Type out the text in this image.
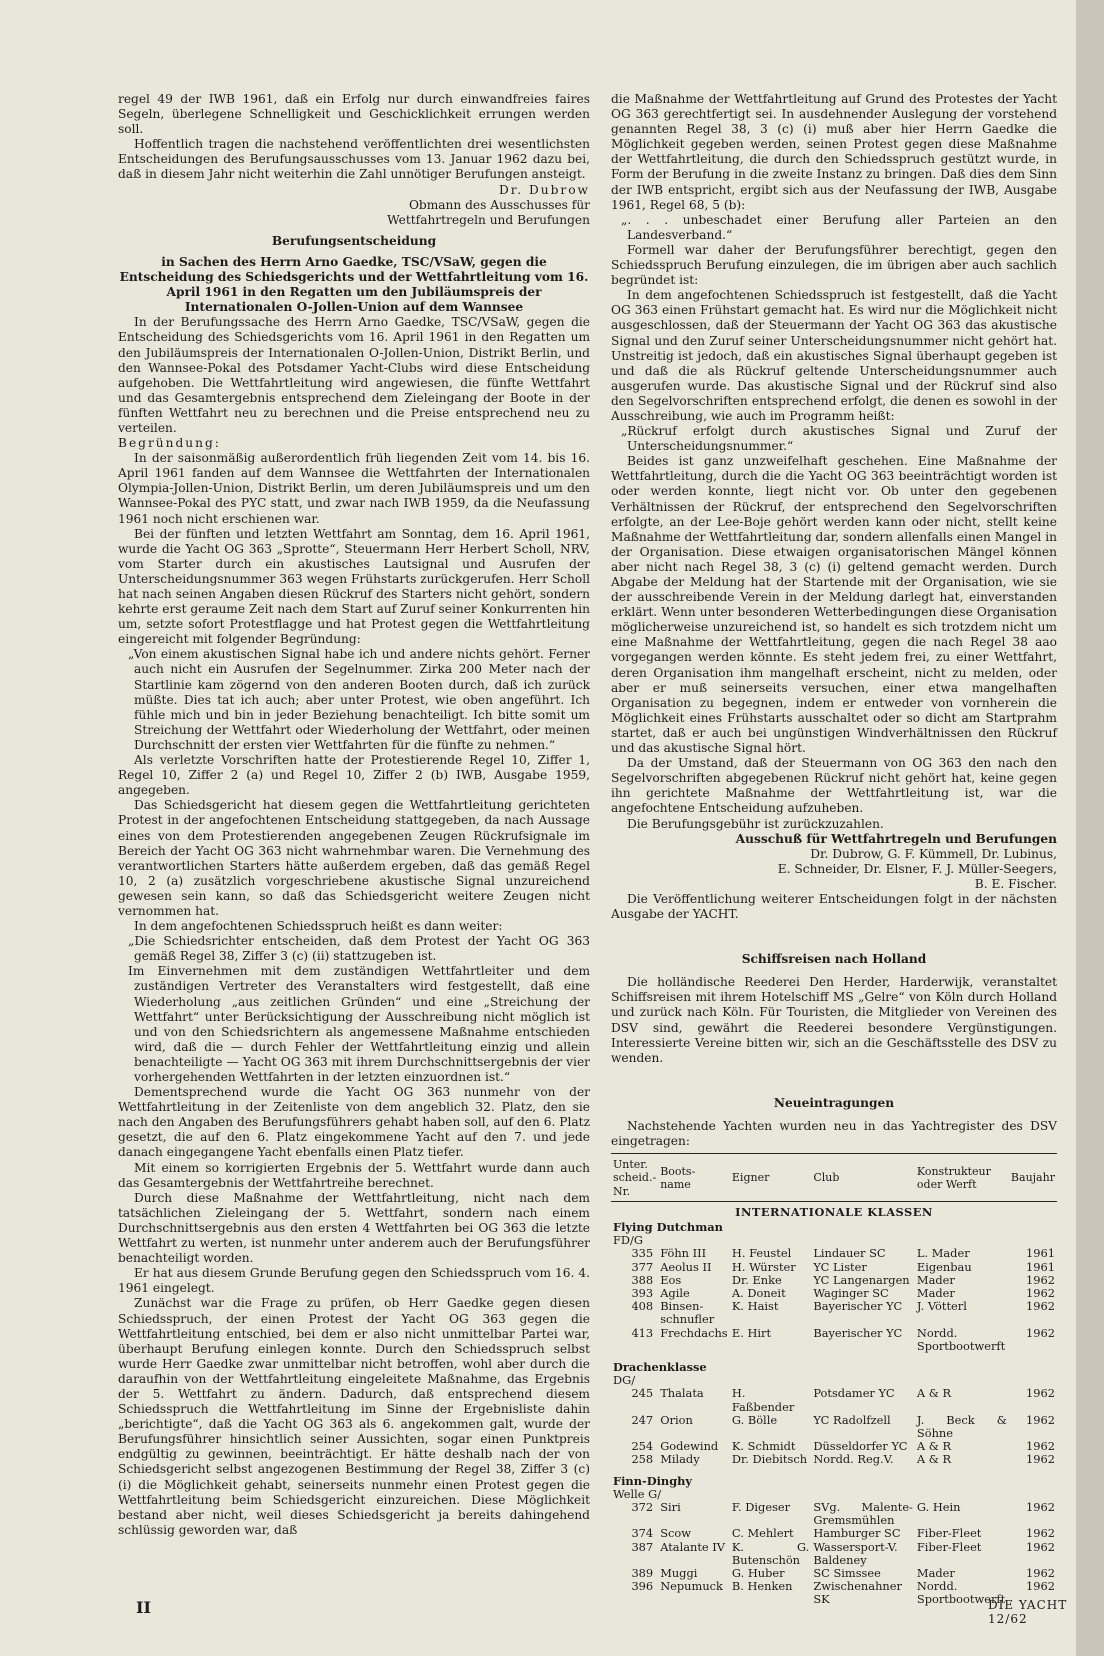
regel 49 der IWB 1961, daß ein Erfolg nur durch einwandfreies faires Segeln, überlegene Schnelligkeit und Geschicklichkeit errungen werden soll.

Hoffentlich tragen die nachstehend veröffentlichten drei wesentlichsten Entscheidungen des Berufungsausschusses vom 13. Januar 1962 dazu bei, daß in diesem Jahr nicht weiterhin die Zahl unnötiger Berufungen ansteigt.

Dr. Dubrow

Obmann des Ausschusses für

Wettfahrtregeln und Berufungen

Berufungsentscheidung

in Sachen des Herrn Arno Gaedke, TSC/VSaW, gegen die Entscheidung des Schiedsgerichts und der Wettfahrtleitung vom 16. April 1961 in den Regatten um den Jubiläumspreis der Internationalen O-Jollen-Union auf dem Wannsee

In der Berufungssache des Herrn Arno Gaedke, TSC/VSaW, gegen die Entscheidung des Schiedsgerichts vom 16. April 1961 in den Regatten um den Jubiläumspreis der Internationalen O-Jollen-Union, Distrikt Berlin, und den Wannsee-Pokal des Potsdamer Yacht-Clubs wird diese Entscheidung aufgehoben. Die Wettfahrtleitung wird angewiesen, die fünfte Wettfahrt und das Gesamtergebnis entsprechend dem Zieleingang der Boote in der fünften Wettfahrt neu zu berechnen und die Preise entsprechend neu zu verteilen.

Begründung:

In der saisonmäßig außerordentlich früh liegenden Zeit vom 14. bis 16. April 1961 fanden auf dem Wannsee die Wettfahrten der Internationalen Olympia-Jollen-Union, Distrikt Berlin, um deren Jubiläumspreis und um den Wannsee-Pokal des PYC statt, und zwar nach IWB 1959, da die Neufassung 1961 noch nicht erschienen war.

Bei der fünften und letzten Wettfahrt am Sonntag, dem 16. April 1961, wurde die Yacht OG 363 „Sprotte“, Steuermann Herr Herbert Scholl, NRV, vom Starter durch ein akustisches Lautsignal und Ausrufen der Unterscheidungsnummer 363 wegen Frühstarts zurückgerufen. Herr Scholl hat nach seinen Angaben diesen Rückruf des Starters nicht gehört, sondern kehrte erst geraume Zeit nach dem Start auf Zuruf seiner Konkurrenten hin um, setzte sofort Protestflagge und hat Protest gegen die Wettfahrtleitung eingereicht mit folgender Begründung:

„Von einem akustischen Signal habe ich und andere nichts gehört. Ferner auch nicht ein Ausrufen der Segelnummer. Zirka 200 Meter nach der Startlinie kam zögernd von den anderen Booten durch, daß ich zurück müßte. Dies tat ich auch; aber unter Protest, wie oben angeführt. Ich fühle mich und bin in jeder Beziehung benachteiligt. Ich bitte somit um Streichung der Wettfahrt oder Wiederholung der Wettfahrt, oder meinen Durchschnitt der ersten vier Wettfahrten für die fünfte zu nehmen.“

Als verletzte Vorschriften hatte der Protestierende Regel 10, Ziffer 1, Regel 10, Ziffer 2 (a) und Regel 10, Ziffer 2 (b) IWB, Ausgabe 1959, angegeben.

Das Schiedsgericht hat diesem gegen die Wettfahrtleitung gerichteten Protest in der angefochtenen Entscheidung stattgegeben, da nach Aussage eines von dem Protestierenden angegebenen Zeugen Rückrufsignale im Bereich der Yacht OG 363 nicht wahrnehmbar waren. Die Vernehmung des verantwortlichen Starters hätte außerdem ergeben, daß das gemäß Regel 10, 2 (a) zusätzlich vorgeschriebene akustische Signal unzureichend gewesen sein kann, so daß das Schiedsgericht weitere Zeugen nicht vernommen hat.

In dem angefochtenen Schiedsspruch heißt es dann weiter:

„Die Schiedsrichter entscheiden, daß dem Protest der Yacht OG 363 gemäß Regel 38, Ziffer 3 (c) (ii) stattzugeben ist.

Im Einvernehmen mit dem zuständigen Wettfahrtleiter und dem zuständigen Vertreter des Veranstalters wird festgestellt, daß eine Wiederholung „aus zeitlichen Gründen“ und eine „Streichung der Wettfahrt“ unter Berücksichtigung der Ausschreibung nicht möglich ist und von den Schiedsrichtern als angemessene Maßnahme entschieden wird, daß die — durch Fehler der Wettfahrtleitung einzig und allein benachteiligte — Yacht OG 363 mit ihrem Durchschnittsergebnis der vier vorhergehenden Wettfahrten in der letzten einzuordnen ist.“

Dementsprechend wurde die Yacht OG 363 nunmehr von der Wettfahrtleitung in der Zeitenliste von dem angeblich 32. Platz, den sie nach den Angaben des Berufungsführers gehabt haben soll, auf den 6. Platz gesetzt, die auf den 6. Platz eingekommene Yacht auf den 7. und jede danach eingegangene Yacht ebenfalls einen Platz tiefer.

Mit einem so korrigierten Ergebnis der 5. Wettfahrt wurde dann auch das Gesamtergebnis der Wettfahrtreihe berechnet.

Durch diese Maßnahme der Wettfahrtleitung, nicht nach dem tatsächlichen Zieleingang der 5. Wettfahrt, sondern nach einem Durchschnittsergebnis aus den ersten 4 Wettfahrten bei OG 363 die letzte Wettfahrt zu werten, ist nunmehr unter anderem auch der Berufungsführer benachteiligt worden.

Er hat aus diesem Grunde Berufung gegen den Schiedsspruch vom 16. 4. 1961 eingelegt.

Zunächst war die Frage zu prüfen, ob Herr Gaedke gegen diesen Schiedsspruch, der einen Protest der Yacht OG 363 gegen die Wettfahrtleitung entschied, bei dem er also nicht unmittelbar Partei war, überhaupt Berufung einlegen konnte. Durch den Schiedsspruch selbst wurde Herr Gaedke zwar unmittelbar nicht betroffen, wohl aber durch die daraufhin von der Wettfahrtleitung eingeleitete Maßnahme, das Ergebnis der 5. Wettfahrt zu ändern. Dadurch, daß entsprechend diesem Schiedsspruch die Wettfahrtleitung im Sinne der Ergebnisliste dahin „berichtigte“, daß die Yacht OG 363 als 6. angekommen galt, wurde der Berufungsführer hinsichtlich seiner Aussichten, sogar einen Punktpreis endgültig zu gewinnen, beeinträchtigt. Er hätte deshalb nach der von Schiedsgericht selbst angezogenen Bestimmung der Regel 38, Ziffer 3 (c) (i) die Möglichkeit gehabt, seinerseits nunmehr einen Protest gegen die Wettfahrtleitung beim Schiedsgericht einzureichen. Diese Möglichkeit bestand aber nicht, weil dieses Schiedsgericht ja bereits dahingehend schlüssig geworden war, daß

die Maßnahme der Wettfahrtleitung auf Grund des Protestes der Yacht OG 363 gerechtfertigt sei. In ausdehnender Auslegung der vorstehend genannten Regel 38, 3 (c) (i) muß aber hier Herrn Gaedke die Möglichkeit gegeben werden, seinen Protest gegen diese Maßnahme der Wettfahrtleitung, die durch den Schiedsspruch gestützt wurde, in Form der Berufung in die zweite Instanz zu bringen. Daß dies dem Sinn der IWB entspricht, ergibt sich aus der Neufassung der IWB, Ausgabe 1961, Regel 68, 5 (b):

„. . . unbeschadet einer Berufung aller Parteien an den Landesverband.“

Formell war daher der Berufungsführer berechtigt, gegen den Schiedsspruch Berufung einzulegen, die im übrigen aber auch sachlich begründet ist:

In dem angefochtenen Schiedsspruch ist festgestellt, daß die Yacht OG 363 einen Frühstart gemacht hat. Es wird nur die Möglichkeit nicht ausgeschlossen, daß der Steuermann der Yacht OG 363 das akustische Signal und den Zuruf seiner Unterscheidungsnummer nicht gehört hat. Unstreitig ist jedoch, daß ein akustisches Signal überhaupt gegeben ist und daß die als Rückruf geltende Unterscheidungsnummer auch ausgerufen wurde. Das akustische Signal und der Rückruf sind also den Segelvorschriften entsprechend erfolgt, die denen es sowohl in der Ausschreibung, wie auch im Programm heißt:

„Rückruf erfolgt durch akustisches Signal und Zuruf der Unterscheidungsnummer.“

Beides ist ganz unzweifelhaft geschehen. Eine Maßnahme der Wettfahrtleitung, durch die die Yacht OG 363 beeinträchtigt worden ist oder werden konnte, liegt nicht vor. Ob unter den gegebenen Verhältnissen der Rückruf, der entsprechend den Segelvorschriften erfolgte, an der Lee-Boje gehört werden kann oder nicht, stellt keine Maßnahme der Wettfahrtleitung dar, sondern allenfalls einen Mangel in der Organisation. Diese etwaigen organisatorischen Mängel können aber nicht nach Regel 38, 3 (c) (i) geltend gemacht werden. Durch Abgabe der Meldung hat der Startende mit der Organisation, wie sie der ausschreibende Verein in der Meldung darlegt hat, einverstanden erklärt. Wenn unter besonderen Wetterbedingungen diese Organisation möglicherweise unzureichend ist, so handelt es sich trotzdem nicht um eine Maßnahme der Wettfahrtleitung, gegen die nach Regel 38 aao vorgegangen werden könnte. Es steht jedem frei, zu einer Wettfahrt, deren Organisation ihm mangelhaft erscheint, nicht zu melden, oder aber er muß seinerseits versuchen, einer etwa mangelhaften Organisation zu begegnen, indem er entweder von vornherein die Möglichkeit eines Frühstarts ausschaltet oder so dicht am Startprahm startet, daß er auch bei ungünstigen Windverhältnissen den Rückruf und das akustische Signal hört.

Da der Umstand, daß der Steuermann von OG 363 den nach den Segelvorschriften abgegebenen Rückruf nicht gehört hat, keine gegen ihn gerichtete Maßnahme der Wettfahrtleitung ist, war die angefochtene Entscheidung aufzuheben.

Die Berufungsgebühr ist zurückzuzahlen.

Ausschuß für Wettfahrtregeln und Berufungen

Dr. Dubrow, G. F. Kümmell, Dr. Lubinus,

E. Schneider, Dr. Elsner, F. J. Müller-Seegers,

B. E. Fischer.

Die Veröffentlichung weiterer Entscheidungen folgt in der nächsten Ausgabe der YACHT.

Schiffsreisen nach Holland

Die holländische Reederei Den Herder, Harderwijk, veranstaltet Schiffsreisen mit ihrem Hotelschiff MS „Gelre“ von Köln durch Holland und zurück nach Köln. Für Touristen, die Mitglieder von Vereinen des DSV sind, gewährt die Reederei besondere Vergünstigungen. Interessierte Vereine bitten wir, sich an die Geschäftsstelle des DSV zu wenden.

Neueintragungen

Nachstehende Yachten wurden neu in das Yachtregister des DSV eingetragen:

Unter. scheid.- Nr.	Boots- name	Eigner	Club	Konstrukteur oder Werft	Baujahr
INTERNATIONALE KLASSEN					
Flying Dutchman					
FD/G					
335	Föhn III	H. Feustel	Lindauer SC	L. Mader	1961
377	Aeolus II	H. Würster	YC Lister	Eigenbau	1961
388	Eos	Dr. Enke	YC Langenargen	Mader	1962
393	Agile	A. Doneit	Waginger SC	Mader	1962
408	Binsen-schnufler	K. Haist	Bayerischer YC	J. Vötterl	1962
413	Frechdachs	E. Hirt	Bayerischer YC	Nordd. Sportbootwerft	1962
Drachenklasse					
DG/					
245	Thalata	H. Faßbender	Potsdamer YC	A & R	1962
247	Orion	G. Bölle	YC Radolfzell	J. Beck & Söhne	1962
254	Godewind	K. Schmidt	Düsseldorfer YC	A & R	1962
258	Milady	Dr. Diebitsch	Nordd. Reg.V.	A & R	1962
Finn-Dinghy					
Welle G/					
372	Siri	F. Digeser	SVg. Malente-Gremsmühlen	G. Hein	1962
374	Scow	C. Mehlert	Hamburger SC	Fiber-Fleet	1962
387	Atalante IV	K. G. Butenschön	Wassersport-V. Baldeney	Fiber-Fleet	1962
389	Muggi	G. Huber	SC Simssee	Mader	1962
396	Nepumuck	B. Henken	Zwischenahner SK	Nordd. Sportbootwerft	1962
II	DIE YACHT 12/62
